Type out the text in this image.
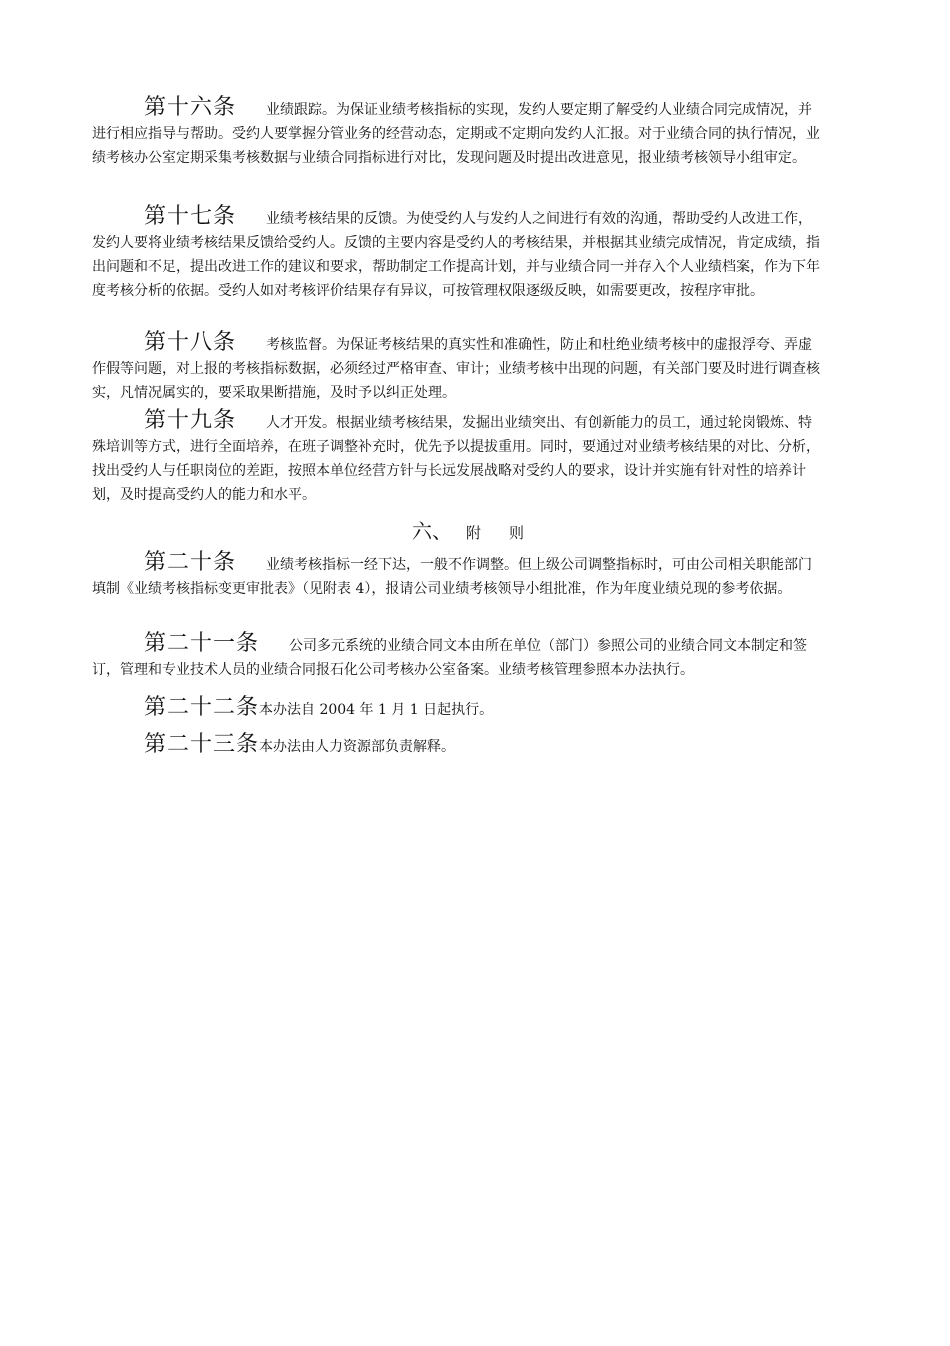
第十六条 业绩跟踪。为保证业绩考核指标的实现，发约人要定期了解受约人业绩合同完成情况，并进行相应指导与帮助。受约人要掌握分管业务的经营动态，定期或不定期向发约人汇报。对于业绩合同的执行情况，业绩考核办公室定期采集考核数据与业绩合同指标进行对比，发现问题及时提出改进意见，报业绩考核领导小组审定。
第十七条 业绩考核结果的反馈。为使受约人与发约人之间进行有效的沟通，帮助受约人改进工作，发约人要将业绩考核结果反馈给受约人。反馈的主要内容是受约人的考核结果，并根据其业绩完成情况，肯定成绩，指出问题和不足，提出改进工作的建议和要求，帮助制定工作提高计划，并与业绩合同一并存入个人业绩档案，作为下年度考核分析的依据。受约人如对考核评价结果存有异议，可按管理权限逐级反映，如需要更改，按程序审批。
第十八条 考核监督。为保证考核结果的真实性和准确性，防止和杜绝业绩考核中的虚报浮夸、弄虚作假等问题，对上报的考核指标数据，必须经过严格审查、审计；业绩考核中出现的问题，有关部门要及时进行调查核实，凡情况属实的，要采取果断措施，及时予以纠正处理。
第十九条 人才开发。根据业绩考核结果，发掘出业绩突出、有创新能力的员工，通过轮岗锻炼、特殊培训等方式，进行全面培养，在班子调整补充时，优先予以提拔重用。同时，要通过对业绩考核结果的对比、分析，找出受约人与任职岗位的差距，按照本单位经营方针与长远发展战略对受约人的要求，设计并实施有针对性的培养计划，及时提高受约人的能力和水平。
六、 附 则
第二十条 业绩考核指标一经下达，一般不作调整。但上级公司调整指标时，可由公司相关职能部门填制《业绩考核指标变更审批表》（见附表 4），报请公司业绩考核领导小组批准，作为年度业绩兑现的参考依据。
第二十一条 公司多元系统的业绩合同文本由所在单位（部门）参照公司的业绩合同文本制定和签订，管理和专业技术人员的业绩合同报石化公司考核办公室备案。业绩考核管理参照本办法执行。
第二十二条本办法自 2004 年 1 月 1 日起执行。
第二十三条本办法由人力资源部负责解释。
